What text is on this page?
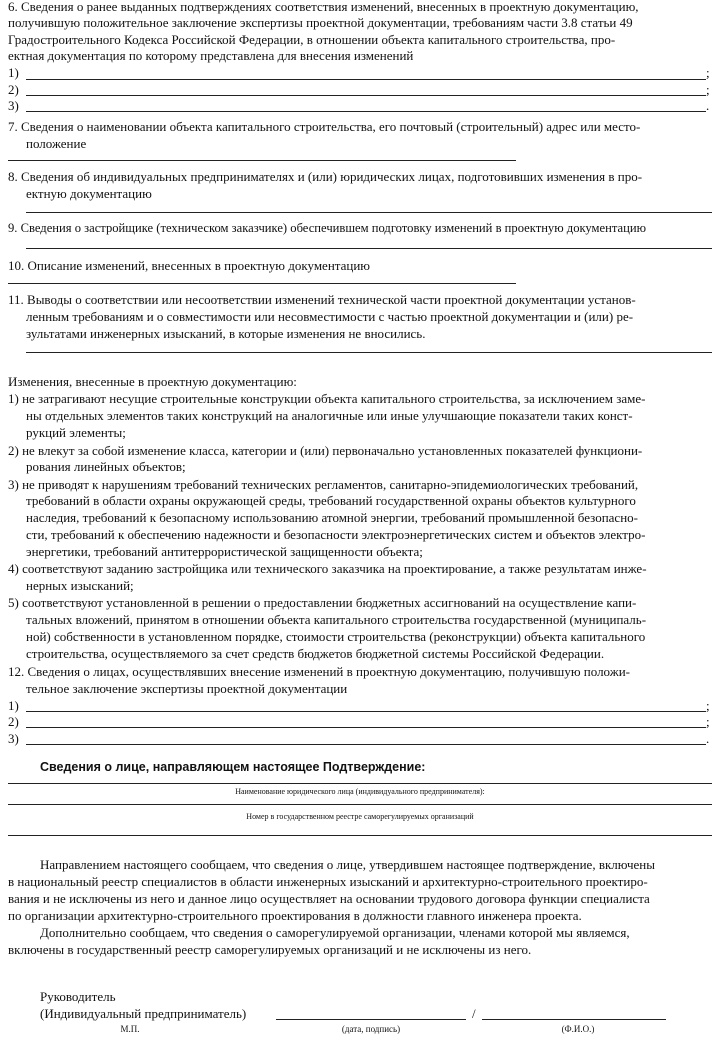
6. Сведения о ранее выданных подтверждениях соответствия изменений, внесенных в проектную документацию,
получившую положительное заключение экспертизы проектной документации, требованиям части 3.8 статьи 49
Градостроительного Кодекса Российской Федерации, в отношении объекта капитального строительства, про-
ектная документация по которому представлена для внесения изменений
1)	;
2)	;
3)	.
7. Сведения о наименовании объекта капитального строительства, его почтовый (строительный) адрес или место-
положение
8. Сведения об индивидуальных предпринимателях и (или) юридических лицах, подготовивших изменения в про-
ектную документацию
9. Сведения о застройщике (техническом заказчике) обеспечившем подготовку изменений в проектную документацию
10. Описание изменений, внесенных в проектную документацию
11. Выводы о соответствии или несоответствии изменений технической части проектной документации установ-
ленным требованиям и о совместимости или несовместимости с частью проектной документации и (или) ре-
зультатами инженерных изысканий, в которые изменения не вносились.
Изменения, внесенные в проектную документацию:
1) не затрагивают несущие строительные конструкции объекта капитального строительства, за исключением заме-
ны отдельных элементов таких конструкций на аналогичные или иные улучшающие показатели таких конст-
рукций элементы;
2) не влекут за собой изменение класса, категории и (или) первоначально установленных показателей функциони-
рования линейных объектов;
3) не приводят к нарушениям требований технических регламентов, санитарно-эпидемиологических требований,
требований в области охраны окружающей среды, требований государственной охраны объектов культурного
наследия, требований к безопасному использованию атомной энергии, требований промышленной безопасно-
сти, требований к обеспечению надежности и безопасности электроэнергетических систем и объектов электро-
энергетики, требований антитеррористической защищенности объекта;
4) соответствуют заданию застройщика или технического заказчика на проектирование, а также результатам инже-
нерных изысканий;
5) соответствуют установленной в решении о предоставлении бюджетных ассигнований на осуществление капи-
тальных вложений, принятом в отношении объекта капитального строительства государственной (муниципаль-
ной) собственности в установленном порядке, стоимости строительства (реконструкции) объекта капитального
строительства, осуществляемого за счет средств бюджетов бюджетной системы Российской Федерации.
12. Сведения о лицах, осуществлявших внесение изменений в проектную документацию, получившую положи-
тельное заключение экспертизы проектной документации
1)	;
2)	;
3)	.
Сведения о лице, направляющем настоящее Подтверждение:
Наименование юридического лица (индивидуального предпринимателя):
Номер в государственном реестре саморегулируемых организаций
Направлением настоящего сообщаем, что сведения о лице, утвердившем настоящее подтверждение, включены
в национальный реестр специалистов в области инженерных изысканий и архитектурно-строительного проектиро-
вания и не исключены из него и данное лицо осуществляет на основании трудового договора функции специалиста
по организации архитектурно-строительного проектирования в должности главного инженера проекта.
Дополнительно сообщаем, что сведения о саморегулируемой организации, членами которой мы являемся,
включены в государственный реестр саморегулируемых организаций и не исключены из него.
Руководитель
(Индивидуальный предприниматель)	/
М.П.	(дата, подпись)	(Ф.И.О.)
